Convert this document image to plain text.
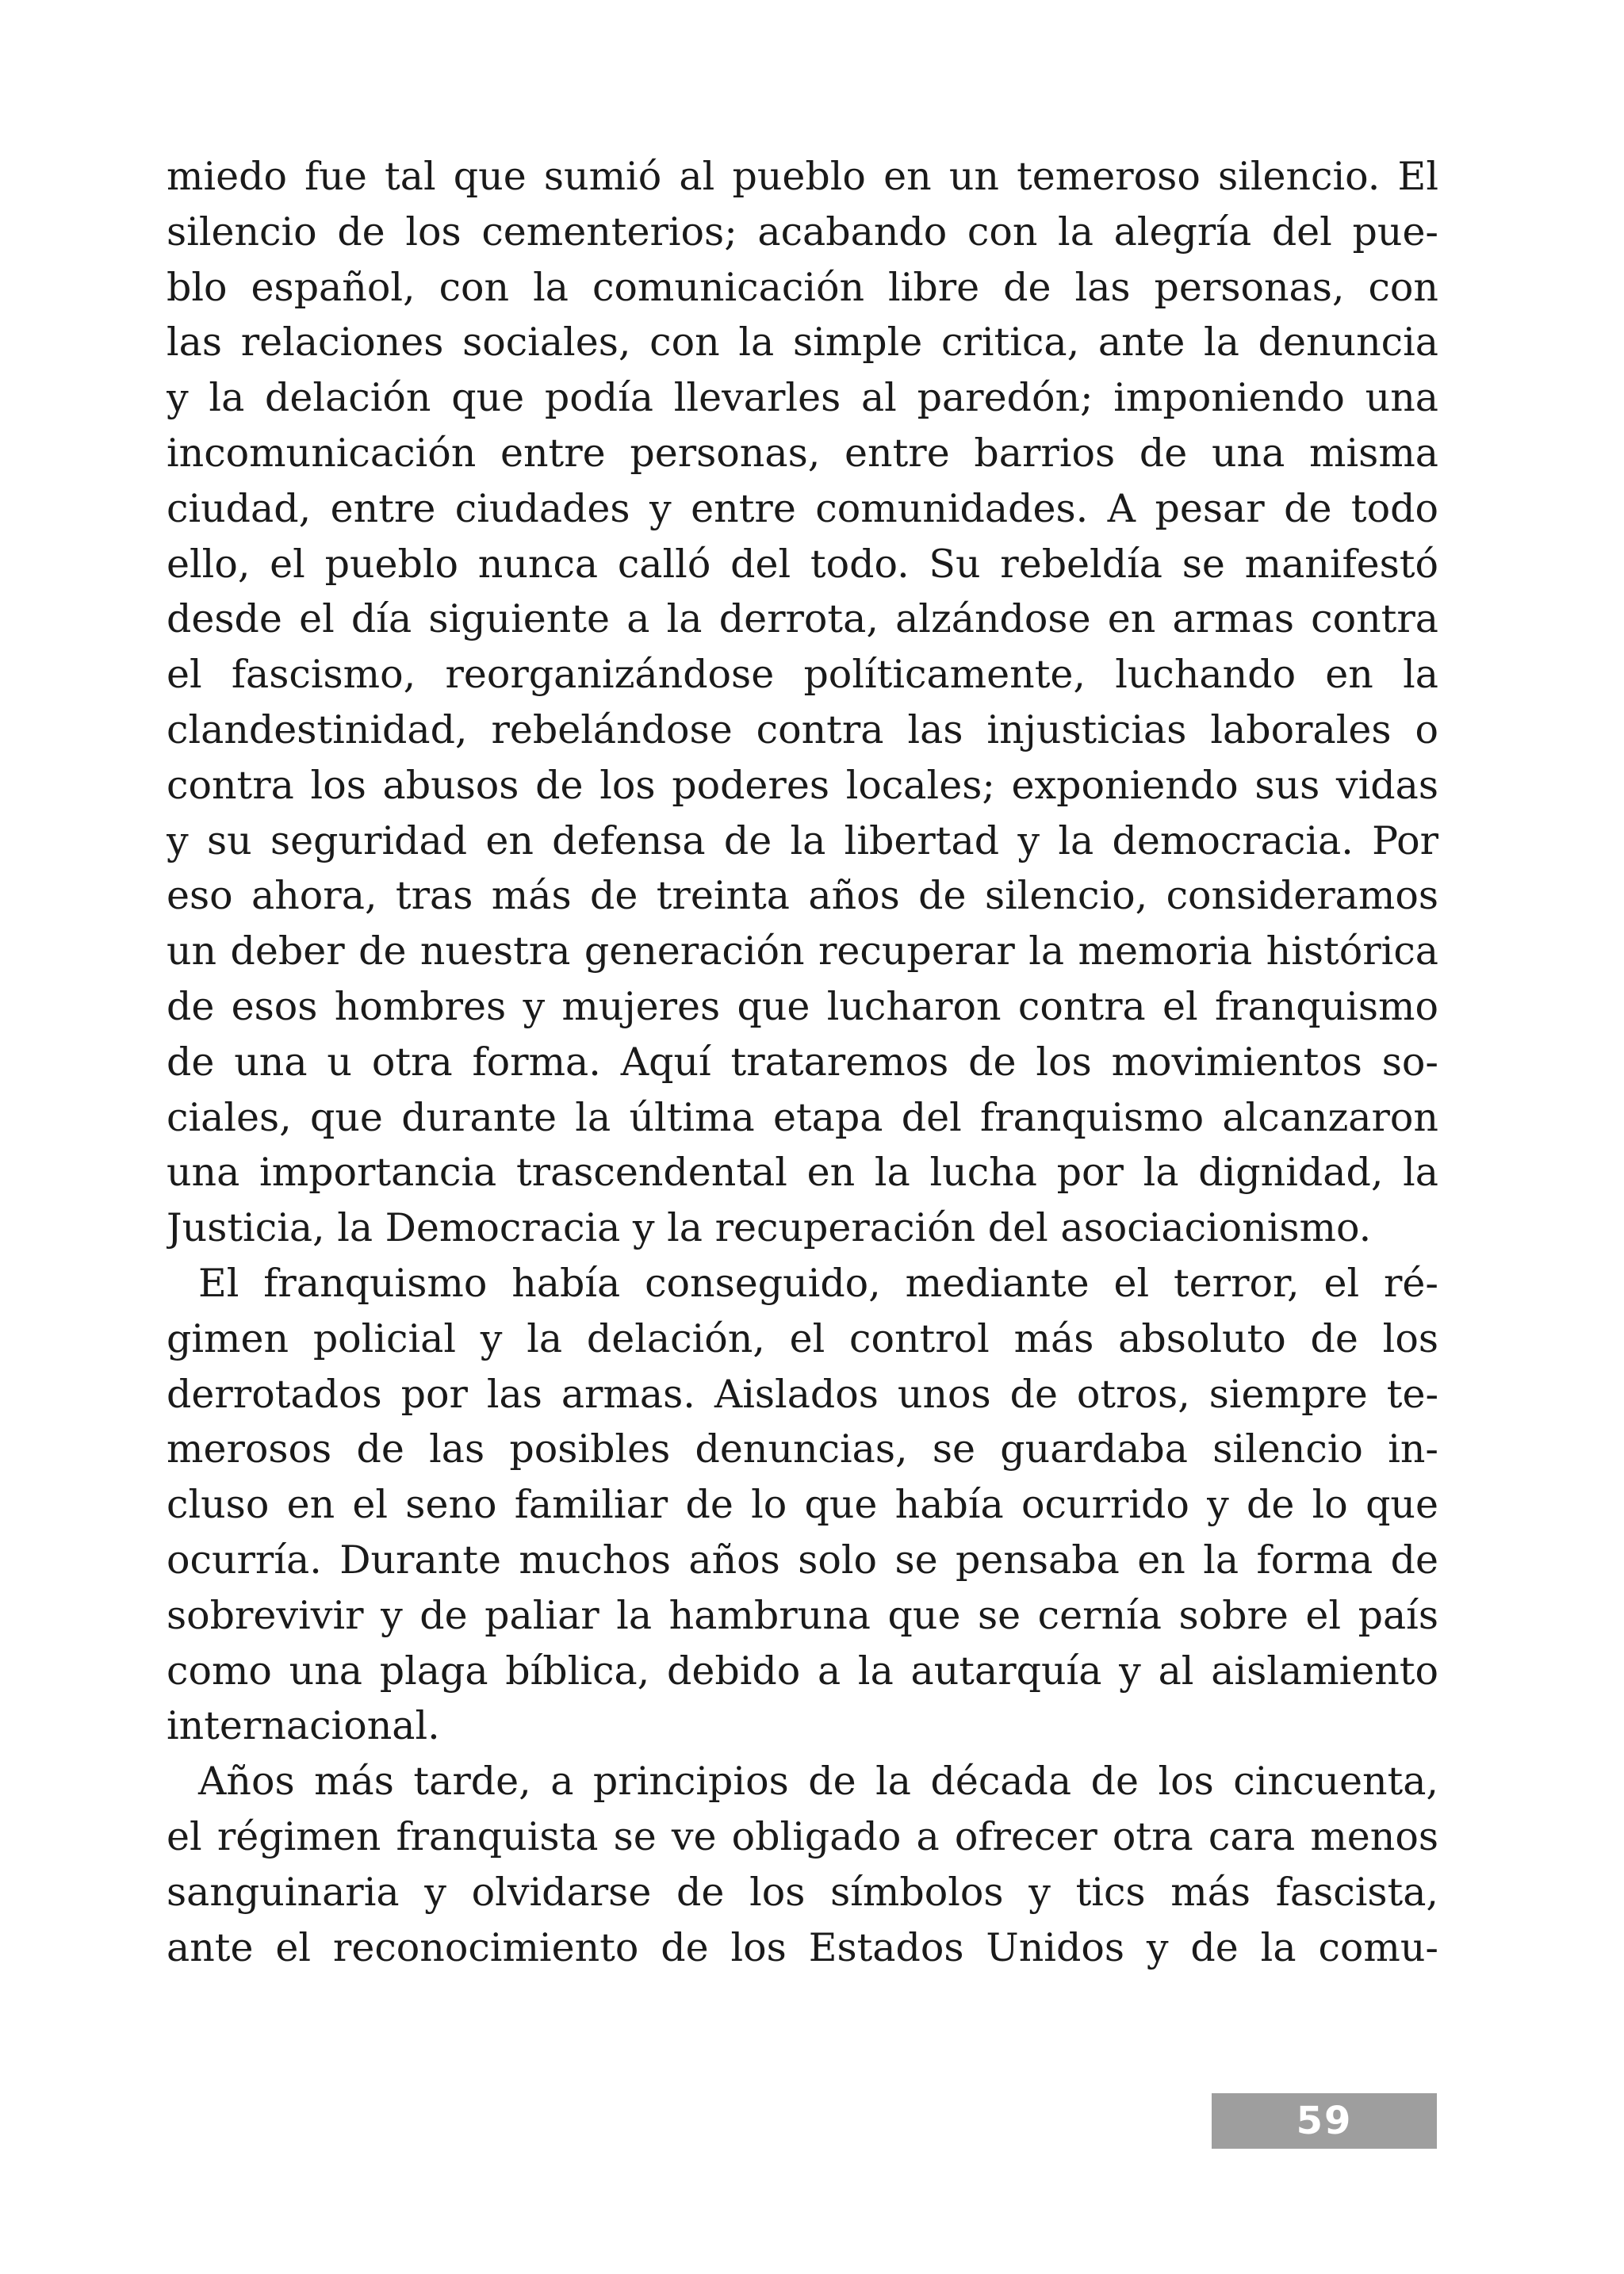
miedo fue tal que sumió al pueblo en un temeroso silencio. El
silencio de los cementerios; acabando con la alegría del pue-
blo español, con la comunicación libre de las personas, con
las relaciones sociales, con la simple critica, ante la denuncia
y la delación que podía llevarles al paredón; imponiendo una
incomunicación entre personas, entre barrios de una misma
ciudad, entre ciudades y entre comunidades. A pesar de todo
ello, el pueblo nunca calló del todo. Su rebeldía se manifestó
desde el día siguiente a la derrota, alzándose en armas contra
el fascismo, reorganizándose políticamente, luchando en la
clandestinidad, rebelándose contra las injusticias laborales o
contra los abusos de los poderes locales; exponiendo sus vidas
y su seguridad en defensa de la libertad y la democracia. Por
eso ahora, tras más de treinta años de silencio, consideramos
un deber de nuestra generación recuperar la memoria histórica
de esos hombres y mujeres que lucharon contra el franquismo
de una u otra forma. Aquí trataremos de los movimientos so-
ciales, que durante la última etapa del franquismo alcanzaron
una importancia trascendental en la lucha por la dignidad, la
Justicia, la Democracia y la recuperación del asociacionismo.
El franquismo había conseguido, mediante el terror, el ré-
gimen policial y la delación, el control más absoluto de los
derrotados por las armas. Aislados unos de otros, siempre te-
merosos de las posibles denuncias, se guardaba silencio in-
cluso en el seno familiar de lo que había ocurrido y de lo que
ocurría. Durante muchos años solo se pensaba en la forma de
sobrevivir y de paliar la hambruna que se cernía sobre el país
como una plaga bíblica, debido a la autarquía y al aislamiento
internacional.
Años más tarde, a principios de la década de los cincuenta,
el régimen franquista se ve obligado a ofrecer otra cara menos
sanguinaria y olvidarse de los símbolos y tics más fascista,
ante el reconocimiento de los Estados Unidos y de la comu-
59
